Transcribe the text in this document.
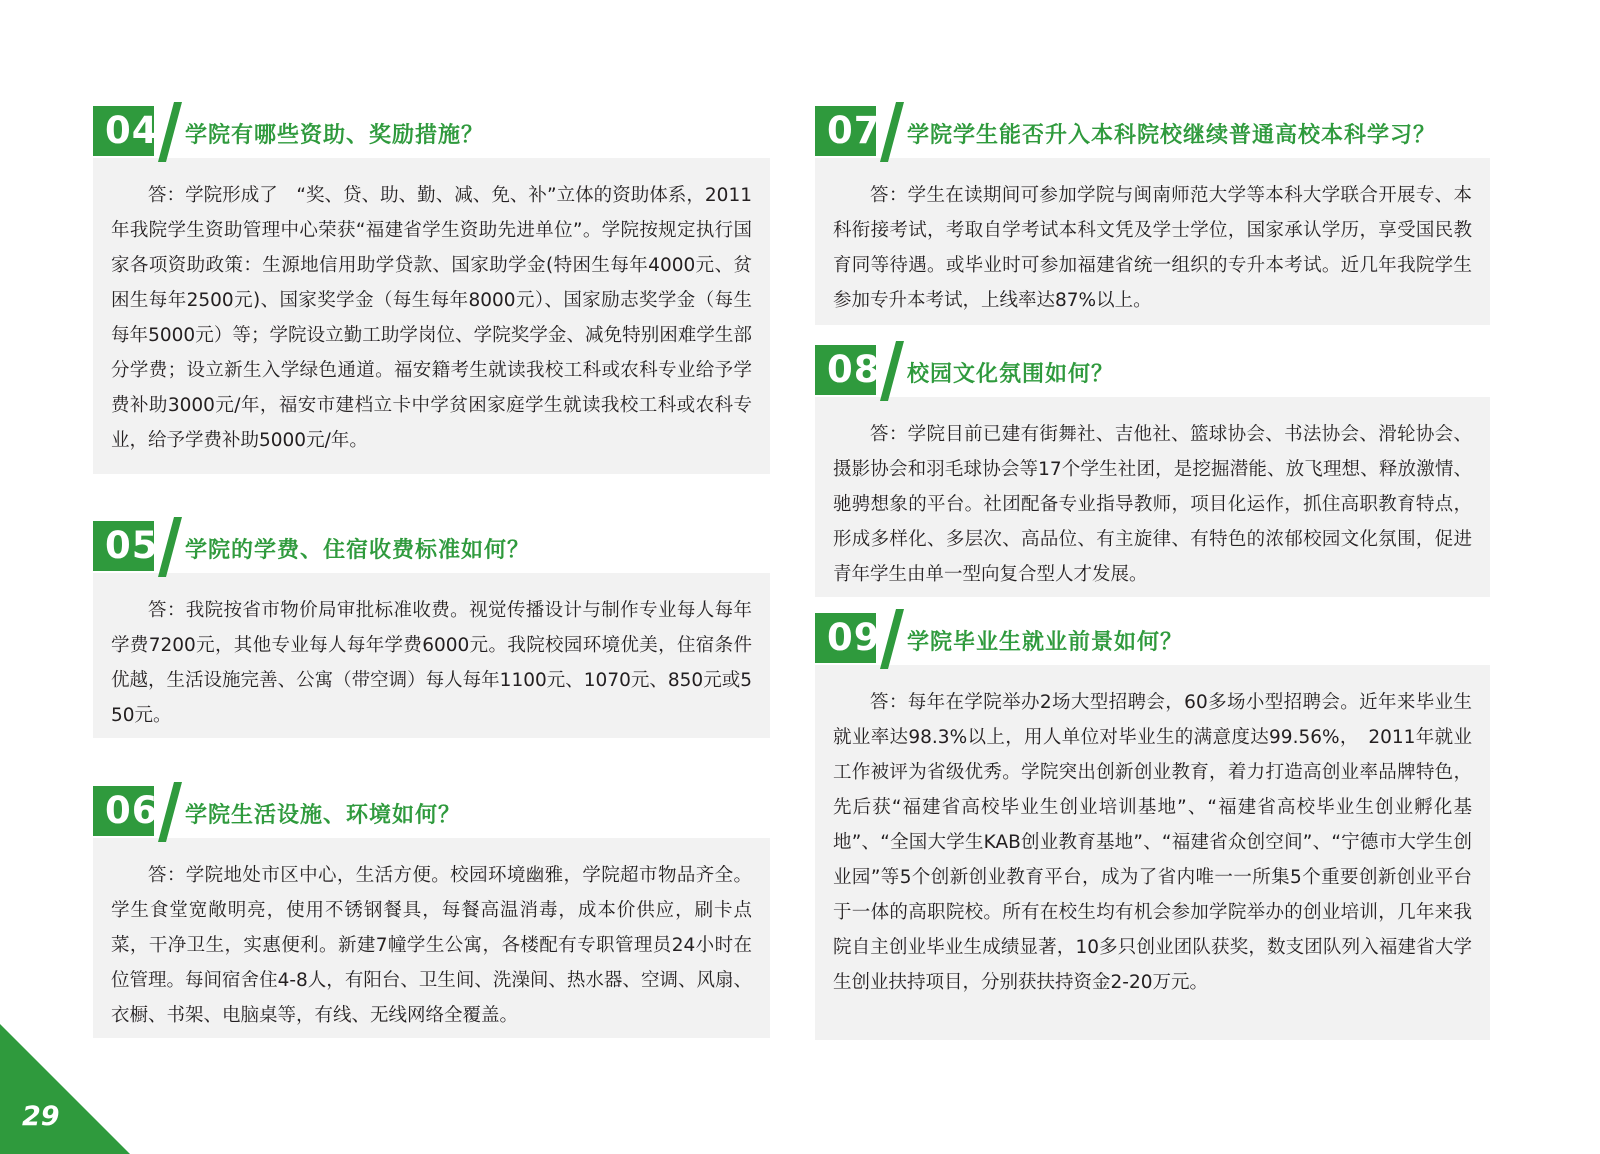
04 学院有哪些资助、奖励措施？
答：学院形成了　“奖、贷、助、勤、减、免、补”立体的资助体系，2011年我院学生资助管理中心荣获“福建省学生资助先进单位”。学院按规定执行国家各项资助政策：生源地信用助学贷款、国家助学金(特困生每年4000元、贫困生每年2500元)、国家奖学金（每生每年8000元）、国家励志奖学金（每生每年5000元）等；学院设立勤工助学岗位、学院奖学金、减免特别困难学生部分学费；设立新生入学绿色通道。福安籍考生就读我校工科或农科专业给予学费补助3000元/年，福安市建档立卡中学贫困家庭学生就读我校工科或农科专业，给予学费补助5000元/年。
05 学院的学费、住宿收费标准如何？
答：我院按省市物价局审批标准收费。视觉传播设计与制作专业每人每年学费7200元，其他专业每人每年学费6000元。我院校园环境优美，住宿条件优越，生活设施完善、公寓（带空调）每人每年1100元、1070元、850元或550元。
06 学院生活设施、环境如何？
答：学院地处市区中心，生活方便。校园环境幽雅，学院超市物品齐全。学生食堂宽敞明亮，使用不锈钢餐具，每餐高温消毒，成本价供应，刷卡点菜，干净卫生，实惠便利。新建7幢学生公寓，各楼配有专职管理员24小时在位管理。每间宿舍住4-8人，有阳台、卫生间、洗澡间、热水器、空调、风扇、衣橱、书架、电脑桌等，有线、无线网络全覆盖。
07 学院学生能否升入本科院校继续普通高校本科学习？
答：学生在读期间可参加学院与闽南师范大学等本科大学联合开展专、本科衔接考试，考取自学考试本科文凭及学士学位，国家承认学历，享受国民教育同等待遇。或毕业时可参加福建省统一组织的专升本考试。近几年我院学生参加专升本考试，上线率达87%以上。
08 校园文化氛围如何？
答：学院目前已建有街舞社、吉他社、篮球协会、书法协会、滑轮协会、摄影协会和羽毛球协会等17个学生社团，是挖掘潜能、放飞理想、释放激情、驰骋想象的平台。社团配备专业指导教师，项目化运作，抓住高职教育特点，形成多样化、多层次、高品位、有主旋律、有特色的浓郁校园文化氛围，促进青年学生由单一型向复合型人才发展。
09 学院毕业生就业前景如何？
答：每年在学院举办2场大型招聘会，60多场小型招聘会。近年来毕业生就业率达98.3%以上，用人单位对毕业生的满意度达99.56%，　2011年就业工作被评为省级优秀。学院突出创新创业教育，着力打造高创业率品牌特色，先后获“福建省高校毕业生创业培训基地”、“福建省高校毕业生创业孵化基地”、“全国大学生KAB创业教育基地”、“福建省众创空间”、“宁德市大学生创业园”等5个创新创业教育平台，成为了省内唯一一所集5个重要创新创业平台于一体的高职院校。所有在校生均有机会参加学院举办的创业培训，几年来我院自主创业毕业生成绩显著，10多只创业团队获奖，数支团队列入福建省大学生创业扶持项目，分别获扶持资金2-20万元。
29
